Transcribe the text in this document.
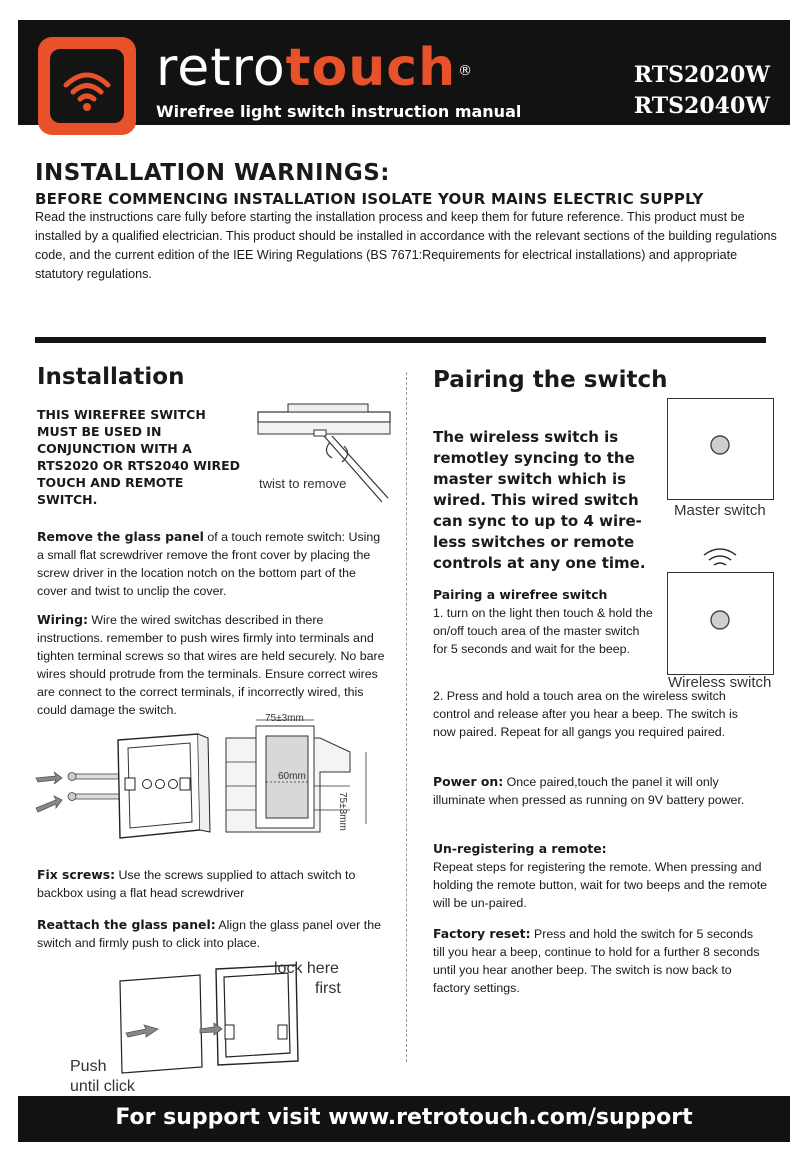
retrotouch ®
Wirefree light switch instruction manual
RTS2020W
RTS2040W
INSTALLATION WARNINGS:
BEFORE COMMENCING INSTALLATION ISOLATE YOUR MAINS ELECTRIC SUPPLY
Read the instructions care fully before starting the installation process and keep them for future reference. This product must be installed by a qualified electrician. This product should be installed in accordance with the relevant sections of the building regulations code, and the current edition of the IEE Wiring Regulations (BS 7671:Requirements for electrical installations) and appropriate statutory regulations.
Installation
THIS WIREFREE SWITCH MUST BE USED IN CONJUNCTION WITH A RTS2020 OR RTS2040 WIRED TOUCH AND REMOTE SWITCH.
twist to remove
Remove the glass panel of a touch remote switch: Using a small flat screwdriver remove the front cover by placing the screw driver in the location notch on the bottom part of the cover and twist to unclip the cover.
Wiring: Wire the wired switchas described in there instructions. remember to push wires firmly into terminals and tighten terminal screws so that wires are held securely. No bare wires should protrude from the terminals. Ensure correct wires are connect to the correct terminals, if incorrectly wired, this could damage the switch.
75±3mm
60mm
75±3mm
Fix screws: Use the screws supplied to attach switch to backbox using a flat head screwdriver
Reattach the glass panel: Align the glass panel over the switch and firmly push to click into place.
lock here
first
Push
until click
Pairing the switch
The wireless switch is remotley syncing to the master switch which is wired. This wired switch can sync to up to 4 wire-less switches or remote controls at any one time.
Master switch
Wireless switch
Pairing a wirefree switch
1. turn on the light then touch & hold the on/off touch area of the master switch for 5 seconds and wait for the beep.
2. Press and hold a touch area on the wireless switch control and release after you hear a beep. The switch is now paired. Repeat for all gangs you required paired.
Power on: Once paired,touch the panel it will only illuminate when pressed as running on 9V battery power.
Un-registering a remote:
Repeat steps for registering the remote. When pressing and holding the remote button, wait for two beeps and the remote will be un-paired.
Factory reset: Press and hold the switch for 5 seconds till you hear a beep, continue to hold for a further 8 seconds until you hear another beep. The switch is now back to factory settings.
For support visit www.retrotouch.com/support
